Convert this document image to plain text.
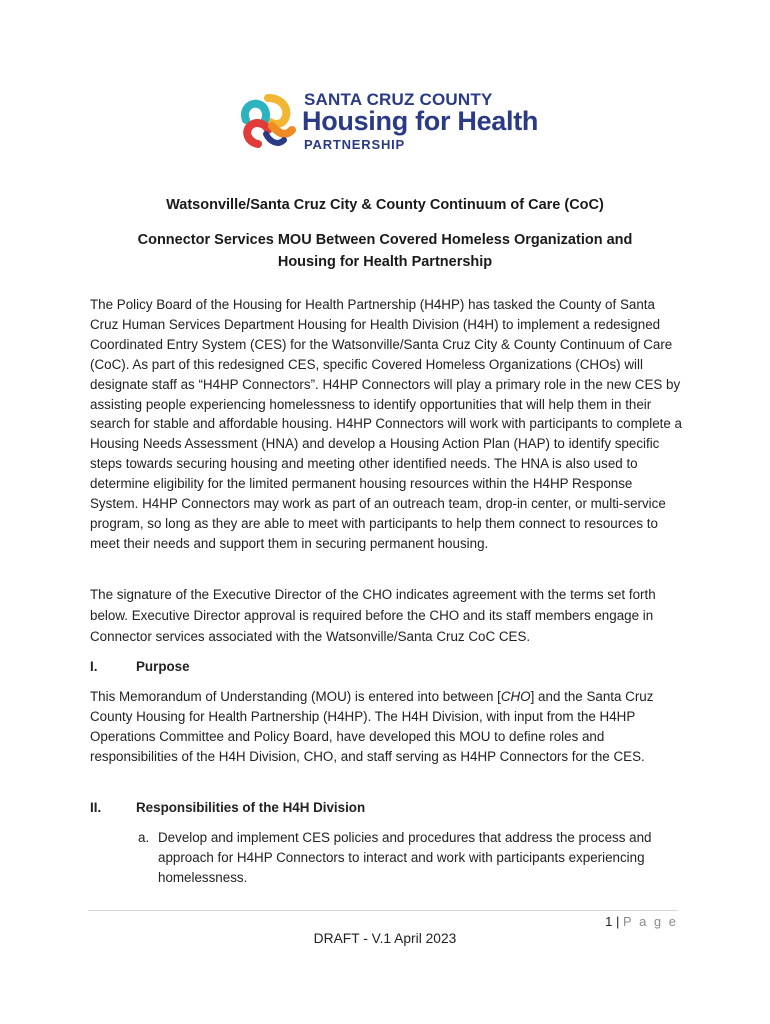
SANTA CRUZ COUNTY
Housing for Health
PARTNERSHIP
Watsonville/Santa Cruz City & County Continuum of Care (CoC)
Connector Services MOU Between Covered Homeless Organization and
Housing for Health Partnership
The Policy Board of the Housing for Health Partnership (H4HP) has tasked the County of Santa Cruz Human Services Department Housing for Health Division (H4H) to implement a redesigned Coordinated Entry System (CES) for the Watsonville/Santa Cruz City & County Continuum of Care (CoC). As part of this redesigned CES, specific Covered Homeless Organizations (CHOs) will designate staff as “H4HP Connectors”. H4HP Connectors will play a primary role in the new CES by assisting people experiencing homelessness to identify opportunities that will help them in their search for stable and affordable housing. H4HP Connectors will work with participants to complete a Housing Needs Assessment (HNA) and develop a Housing Action Plan (HAP) to identify specific steps towards securing housing and meeting other identified needs. The HNA is also used to determine eligibility for the limited permanent housing resources within the H4HP Response System. H4HP Connectors may work as part of an outreach team, drop-in center, or multi-service program, so long as they are able to meet with participants to help them connect to resources to meet their needs and support them in securing permanent housing.
The signature of the Executive Director of the CHO indicates agreement with the terms set forth below. Executive Director approval is required before the CHO and its staff members engage in Connector services associated with the Watsonville/Santa Cruz CoC CES.
I.	Purpose
This Memorandum of Understanding (MOU) is entered into between [CHO] and the Santa Cruz County Housing for Health Partnership (H4HP). The H4H Division, with input from the H4HP Operations Committee and Policy Board, have developed this MOU to define roles and responsibilities of the H4H Division, CHO, and staff serving as H4HP Connectors for the CES.
II.	Responsibilities of the H4H Division
a. Develop and implement CES policies and procedures that address the process and approach for H4HP Connectors to interact and work with participants experiencing homelessness.
1 | P a g e
DRAFT - V.1 April 2023
